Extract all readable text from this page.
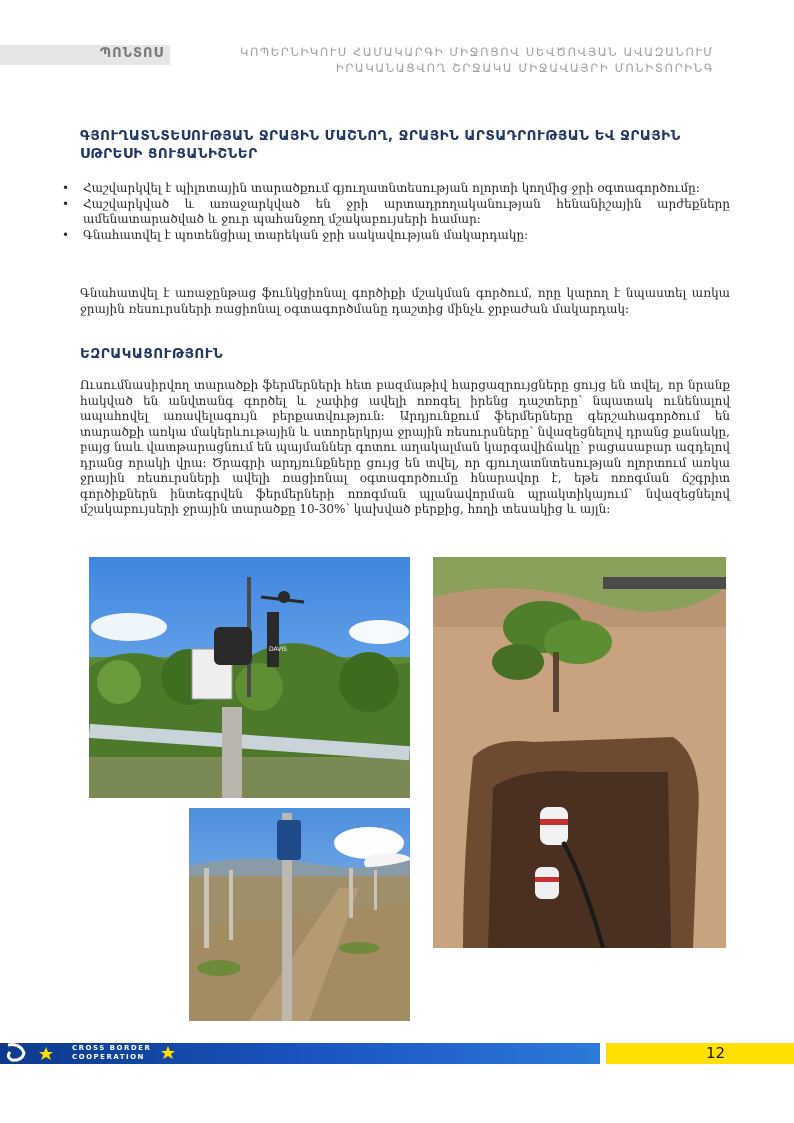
ՊՈՆՏՈՍ	ԿՈՊԵՐՆԻԿՈՒՍ ՀԱՄԱԿԱՐԳԻ ՄԻՋՈՑՈՎ ՍԵՎԾՈՎՅԱՆ ԱՎԱԶԱՆՈՒՄ
ԻՐԱԿԱՆԱՑՎՈՂ ՇՐՋԱԿԱ ՄԻՋԱՎԱՅՐԻ ՄՈՆԻՏՈՐԻՆԳ
ԳՅՈՒՂԱՏՆՏԵՍՈՒԹՅԱՆ ՋՐԱՅԻՆ ՄԱՇՆՈՂ, ՋՐԱՅԻՆ ԱՐՏԱԴՐՈՒԹՅԱՆ ԵՎ ՋՐԱՅԻՆ ՍԹՐԵՍԻ ՑՈՒՑԱՆԻՇՆԵՐ
• Հաշվարկվել է պիլոտային տարածքում գյուղատնտեսության ոլորտի կողմից ջրի օգտագործումը:
• Հաշվարկված և առաջարկված են ջրի արտադրողականության հենանիշային արժեքները ամենատարածված և ջուր պահանջող մշակաբույսերի համար:
• Գնահատվել է պոտենցիալ տարեկան ջրի սակավության մակարդակը:

Գնահատվել է առաջընթաց ֆունկցիոնալ գործիքի մշակման գործում, որը կարող է նպաստել առկա ջրային ռեսուրսների ռացիոնալ օգտագործմանը դաշտից մինչև ջրբաժան մակարդակ:

ԵԶՐԱԿԱՑՈՒԹՅՈՒՆ

Ուսումնասիրվող տարածքի ֆերմերների հետ բազմաթիվ հարցազրույցները ցույց են տվել, որ նրանք հակված են անվտանգ գործել և չափից ավելի ոռոգել իրենց դաշտերը՝ նպատակ ունենալով ապահովել առավելագույն բերքատվություն: Արդյունքում ֆերմերները գերշահագործում են տարածքի առկա մակերևութային և ստորերկրյա ջրային ռեսուրսները՝ նվազեցնելով դրանց քանակը, բայց նաև վատթարացնում են պայմաններ գոտու աղակալման կարգավիճակը՝ բացասաբար ազդելով դրանց որակի վրա: Ծրագրի արդյունքները ցույց են տվել, որ գյուղատնտեսության ոլորտում առկա ջրային ռեսուրսների ավելի ռացիոնալ օգտագործումը հնարավոր է, եթե ոռոգման ճշգրիտ գործիքներն ինտեգրվեն ֆերմերների ոռոգման պլանավորման պրակտիկայում՝ նվազեցնելով մշակաբույսերի ջրային տարածքը 10-30%՝ կախված բերքից, հողի տեսակից և այլն:

DAVIS
CROSS BORDER
COOPERATION	12
